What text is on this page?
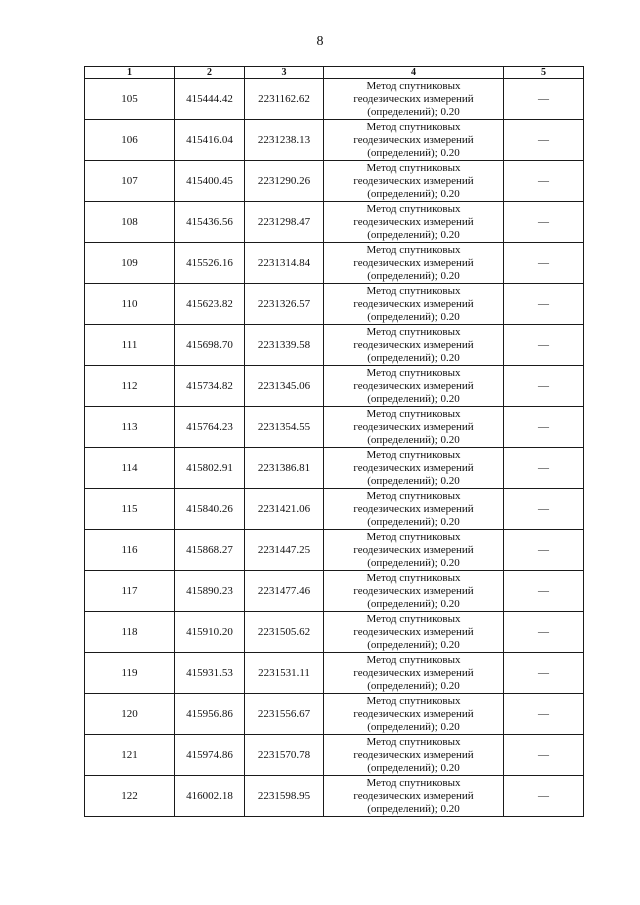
8
1	2	3	4	5
105	415444.42	2231162.62	Метод спутниковых
геодезических измерений
(определений); 0.20	—
106	415416.04	2231238.13	Метод спутниковых
геодезических измерений
(определений); 0.20	—
107	415400.45	2231290.26	Метод спутниковых
геодезических измерений
(определений); 0.20	—
108	415436.56	2231298.47	Метод спутниковых
геодезических измерений
(определений); 0.20	—
109	415526.16	2231314.84	Метод спутниковых
геодезических измерений
(определений); 0.20	—
110	415623.82	2231326.57	Метод спутниковых
геодезических измерений
(определений); 0.20	—
111	415698.70	2231339.58	Метод спутниковых
геодезических измерений
(определений); 0.20	—
112	415734.82	2231345.06	Метод спутниковых
геодезических измерений
(определений); 0.20	—
113	415764.23	2231354.55	Метод спутниковых
геодезических измерений
(определений); 0.20	—
114	415802.91	2231386.81	Метод спутниковых
геодезических измерений
(определений); 0.20	—
115	415840.26	2231421.06	Метод спутниковых
геодезических измерений
(определений); 0.20	—
116	415868.27	2231447.25	Метод спутниковых
геодезических измерений
(определений); 0.20	—
117	415890.23	2231477.46	Метод спутниковых
геодезических измерений
(определений); 0.20	—
118	415910.20	2231505.62	Метод спутниковых
геодезических измерений
(определений); 0.20	—
119	415931.53	2231531.11	Метод спутниковых
геодезических измерений
(определений); 0.20	—
120	415956.86	2231556.67	Метод спутниковых
геодезических измерений
(определений); 0.20	—
121	415974.86	2231570.78	Метод спутниковых
геодезических измерений
(определений); 0.20	—
122	416002.18	2231598.95	Метод спутниковых
геодезических измерений
(определений); 0.20	—
